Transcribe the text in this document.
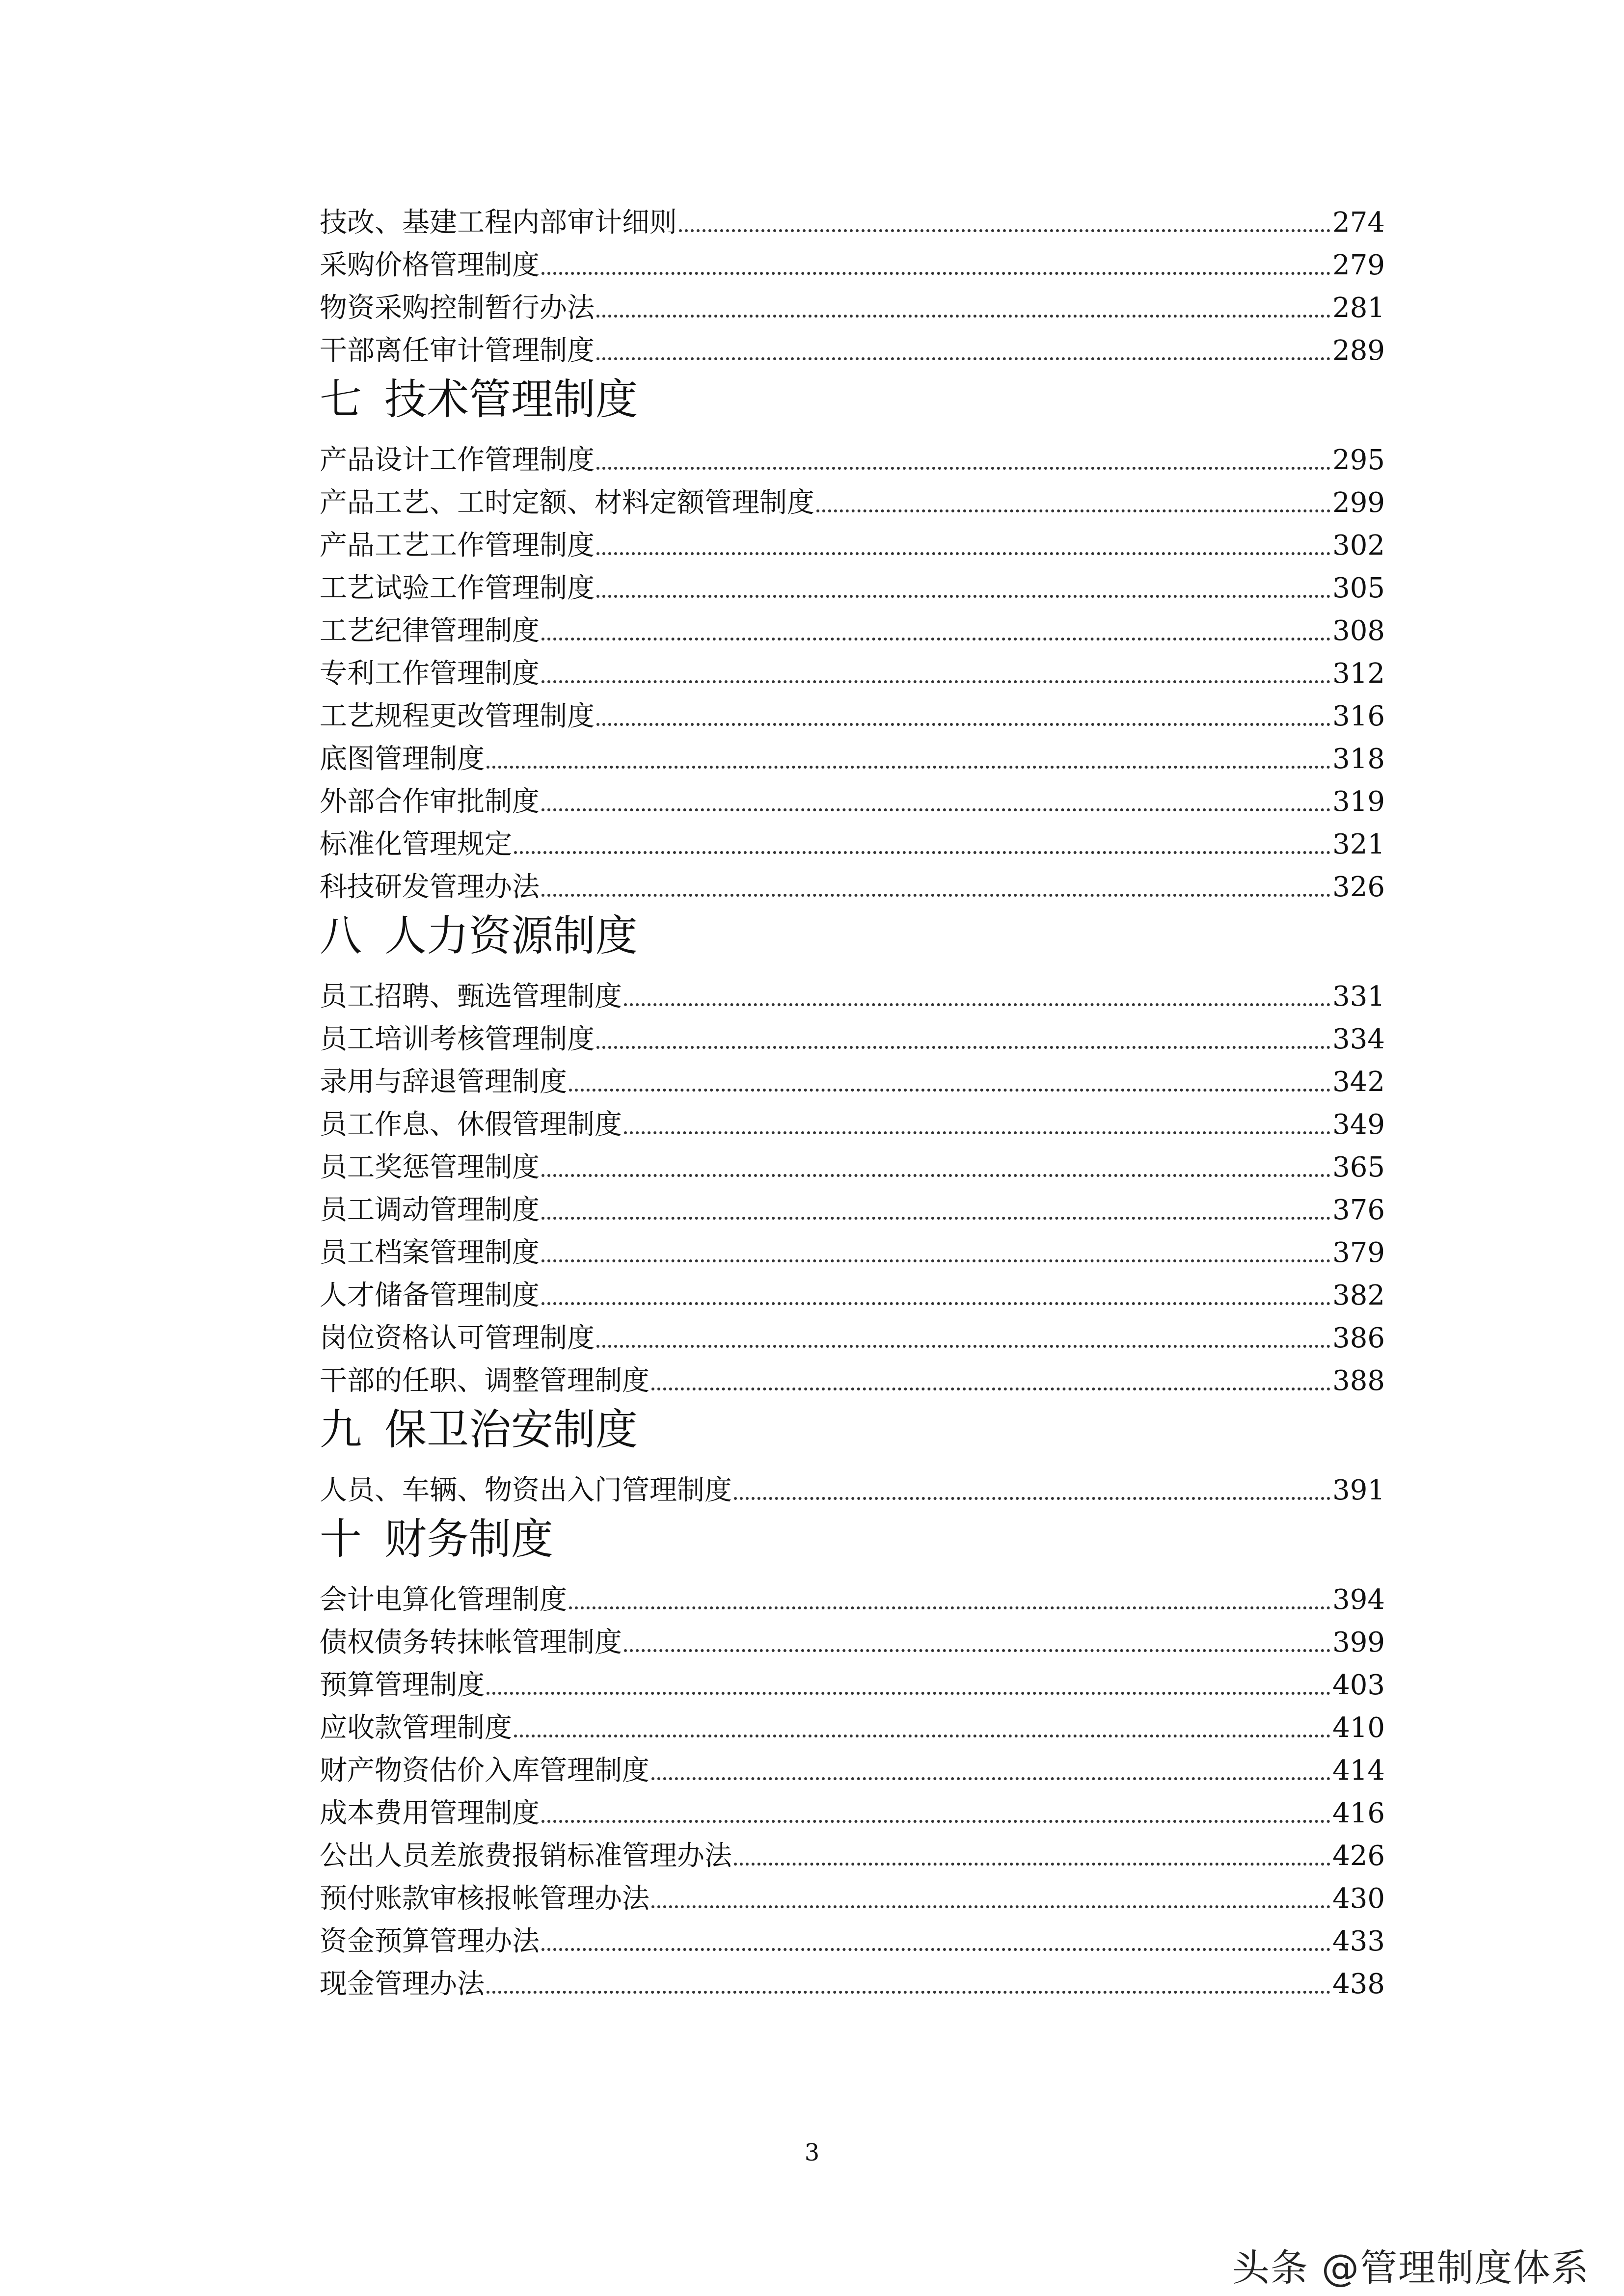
技改、基建工程内部审计细则	274
采购价格管理制度	279
物资采购控制暂行办法	281
干部离任审计管理制度	289
七 技术管理制度
产品设计工作管理制度	295
产品工艺、工时定额、材料定额管理制度	299
产品工艺工作管理制度	302
工艺试验工作管理制度	305
工艺纪律管理制度	308
专利工作管理制度	312
工艺规程更改管理制度	316
底图管理制度	318
外部合作审批制度	319
标准化管理规定	321
科技研发管理办法	326
八 人力资源制度
员工招聘、甄选管理制度	331
员工培训考核管理制度	334
录用与辞退管理制度	342
员工作息、休假管理制度	349
员工奖惩管理制度	365
员工调动管理制度	376
员工档案管理制度	379
人才储备管理制度	382
岗位资格认可管理制度	386
干部的任职、调整管理制度	388
九 保卫治安制度
人员、车辆、物资出入门管理制度	391
十 财务制度
会计电算化管理制度	394
债权债务转抹帐管理制度	399
预算管理制度	403
应收款管理制度	410
财产物资估价入库管理制度	414
成本费用管理制度	416
公出人员差旅费报销标准管理办法	426
预付账款审核报帐管理办法	430
资金预算管理办法	433
现金管理办法	438
3
头条 @管理制度体系
